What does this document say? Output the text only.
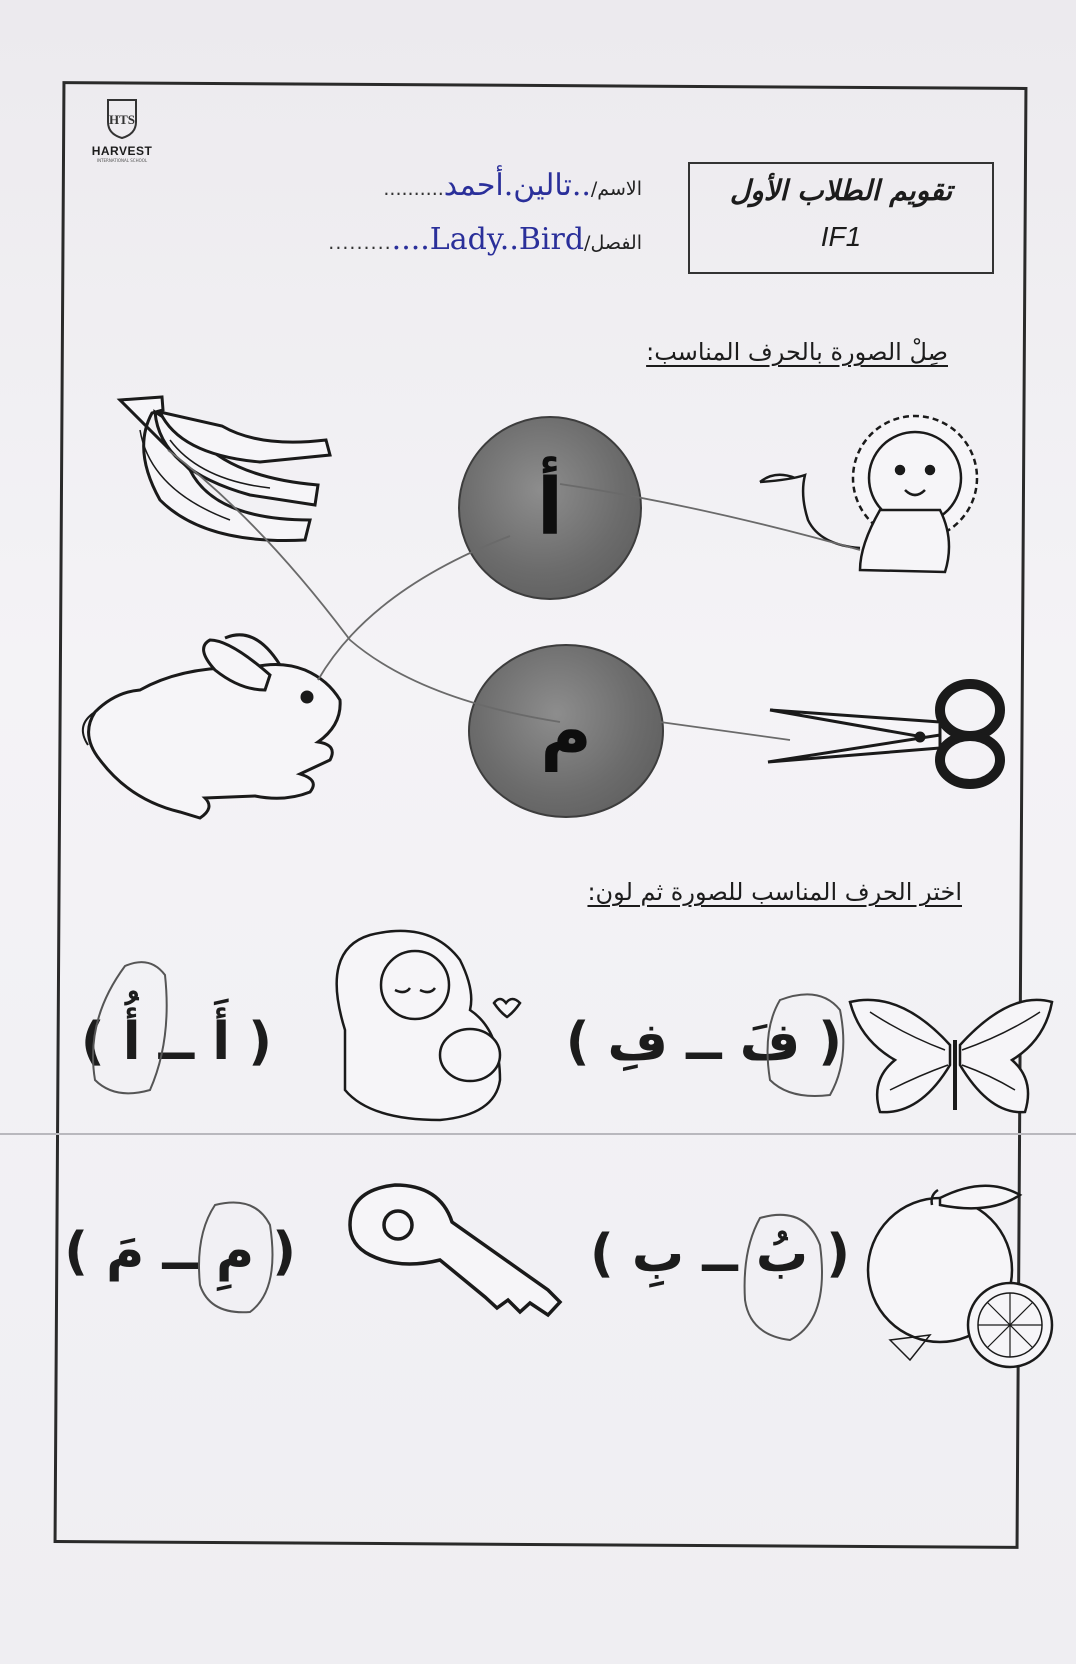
HTS
HARVEST
INTERNATIONAL SCHOOL
تقويم الطلاب الأول
IF1
الاسم/..تالين.أحمد..........
الفصل/....Lady..Bird.........
صِلْ الصورة بالحرف المناسب:
أ
م
اختر الحرف المناسب للصورة ثم لون:
( أَ ــ أُ )	( فَ ــ فِ )
( مِ ــ مَ )	( بُ ــ بِ )
